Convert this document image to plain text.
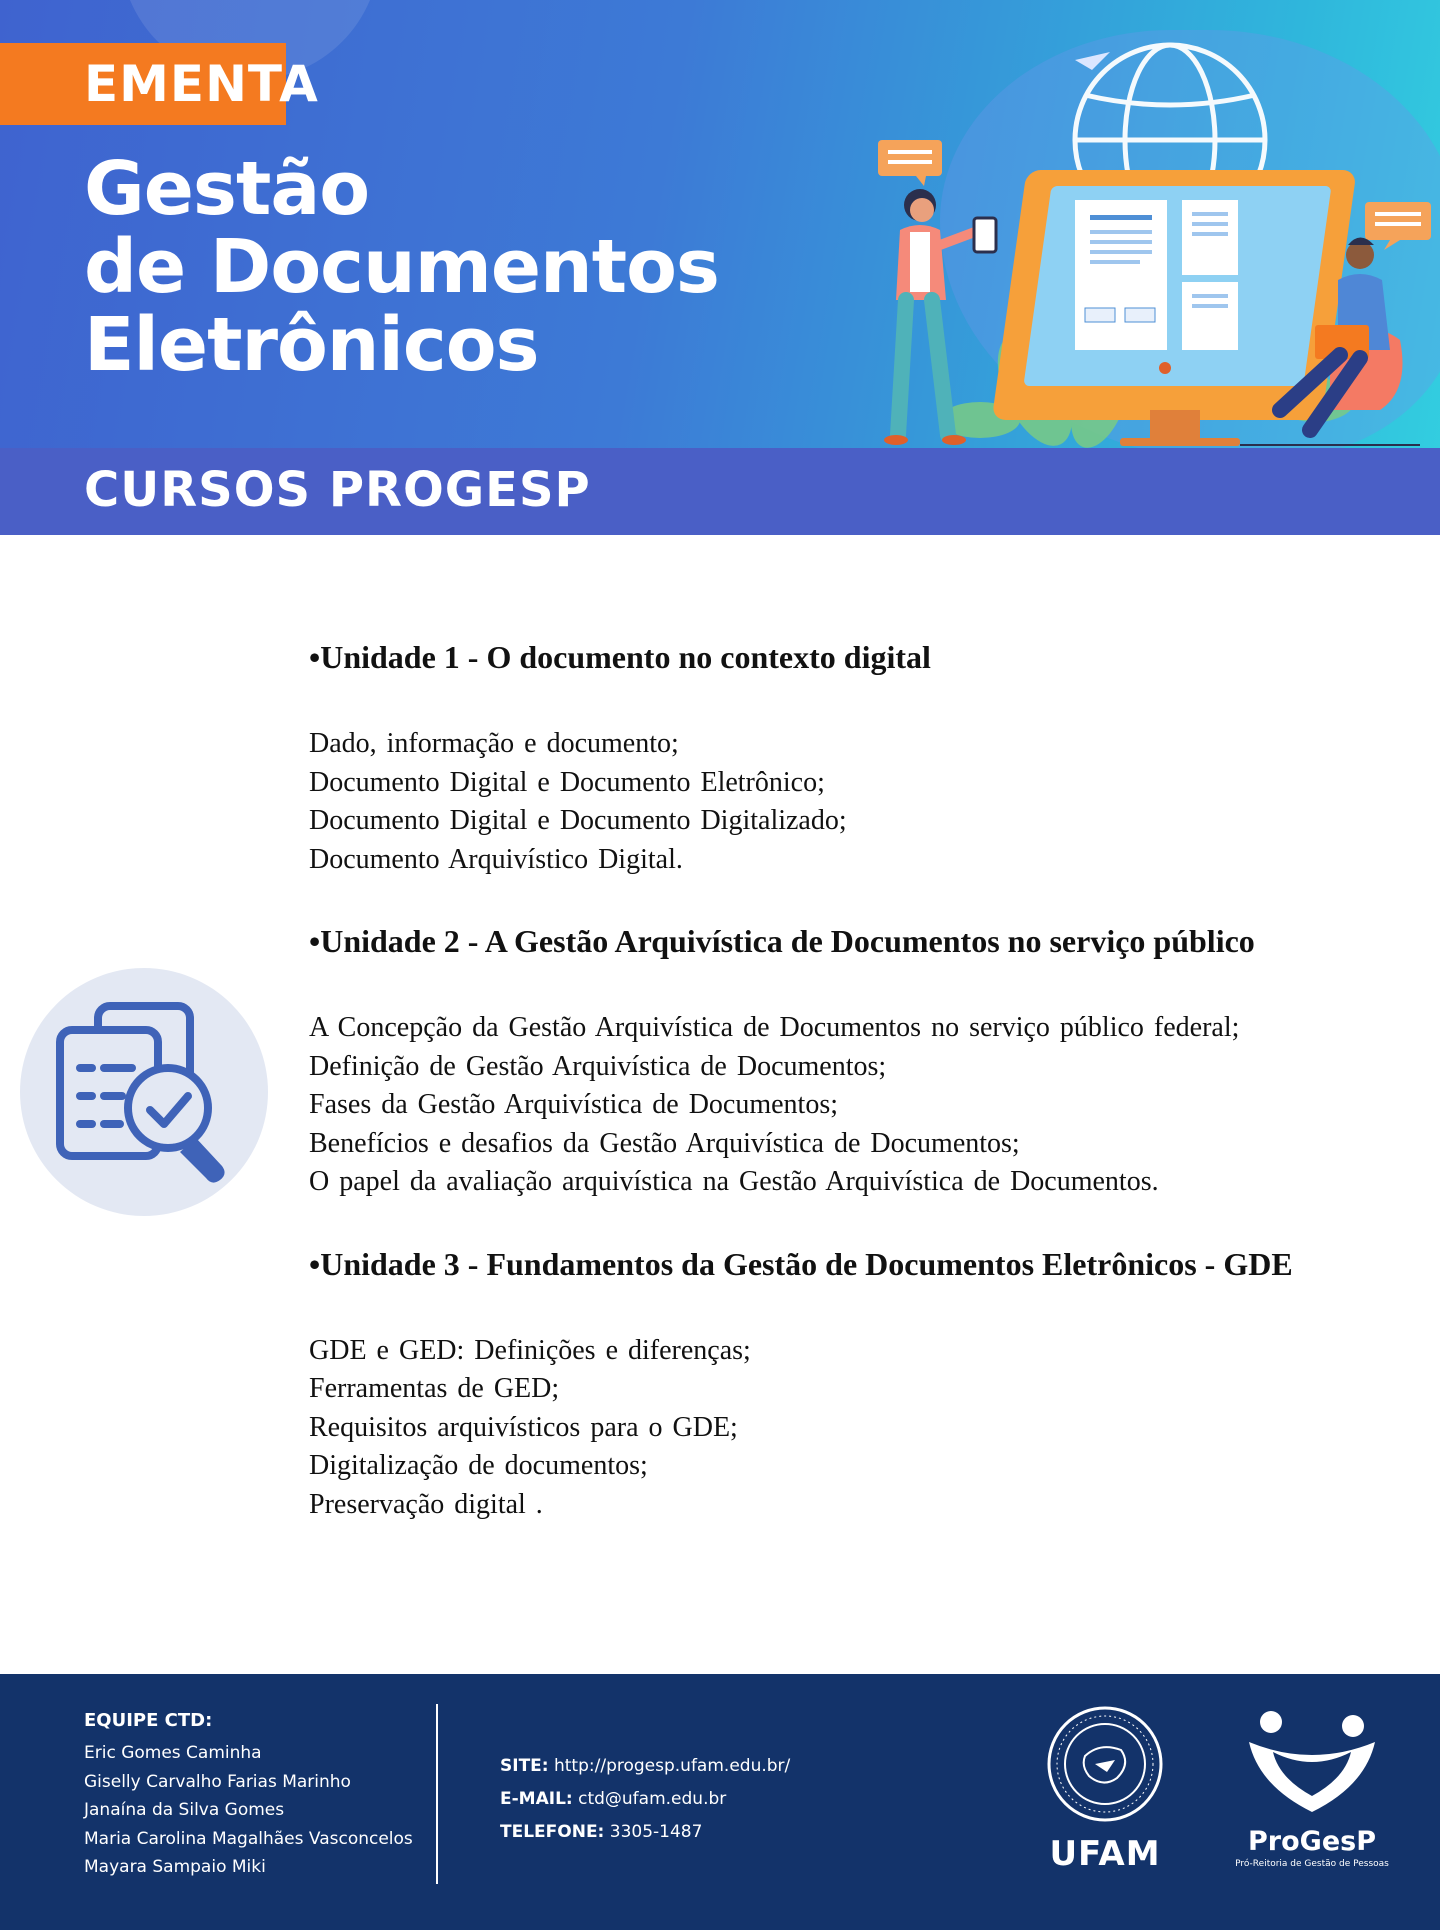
EMENTA
Gestão
de Documentos
Eletrônicos
CURSOS PROGESP
•Unidade 1 - O documento no contexto digital
Dado, informação e documento;
Documento Digital e Documento Eletrônico;
Documento Digital e Documento Digitalizado;
Documento Arquivístico Digital.
•Unidade 2 - A Gestão Arquivística de Documentos no serviço público
A Concepção da Gestão Arquivística de Documentos no serviço público federal;
Definição de Gestão Arquivística de Documentos;
Fases da Gestão Arquivística de Documentos;
Benefícios e desafios da Gestão Arquivística de Documentos;
O papel da avaliação arquivística na Gestão Arquivística de Documentos.
•Unidade 3 - Fundamentos da Gestão de Documentos Eletrônicos - GDE
GDE e GED: Definições e diferenças;
Ferramentas de GED;
Requisitos arquivísticos para o GDE;
Digitalização de documentos;
Preservação digital .
EQUIPE CTD:
Eric Gomes Caminha
Giselly Carvalho Farias Marinho
Janaína da Silva Gomes
Maria Carolina Magalhães Vasconcelos
Mayara Sampaio Miki
SITE: http://progesp.ufam.edu.br/
E-MAIL: ctd@ufam.edu.br
TELEFONE: 3305-1487
UFAM	ProGesP
Pró-Reitoria de Gestão de Pessoas
